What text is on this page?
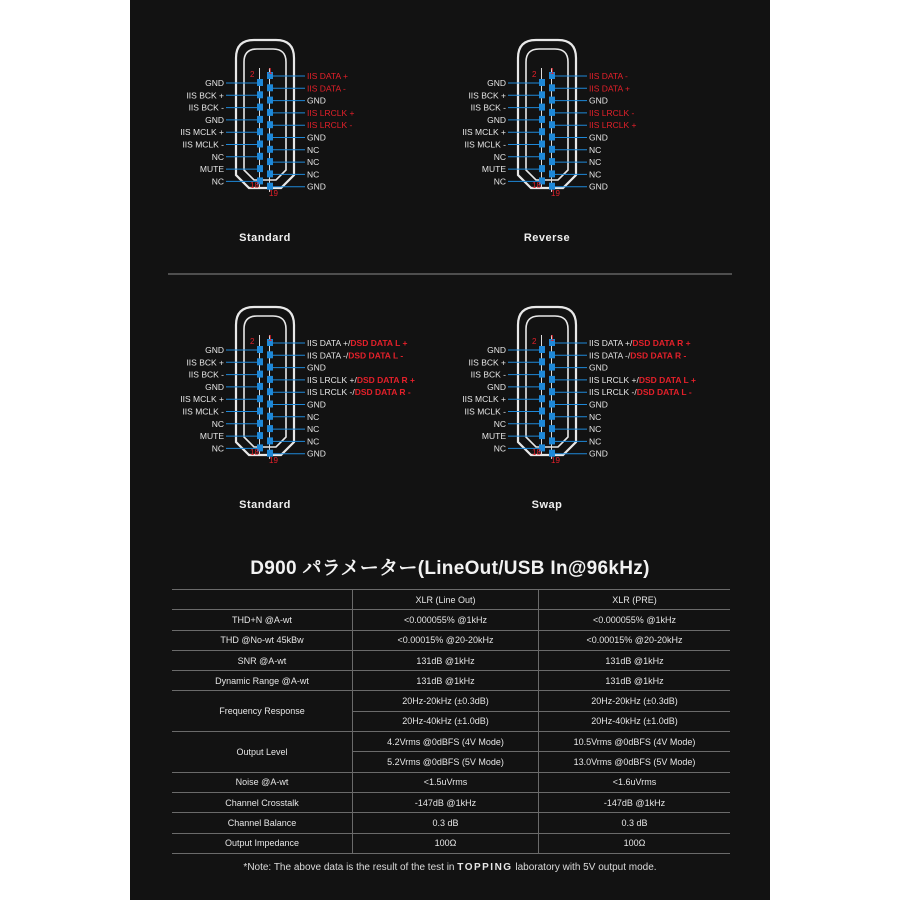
IIS DATA +
IIS DATA -
GND
IIS LRCLK +
IIS LRCLK -
GND
NC
NC
NC
GND
GND
IIS BCK +
IIS BCK -
GND
IIS MCLK +
IIS MCLK -
NC
MUTE
NC
2 1
18
19
Standard
IIS DATA -
IIS DATA +
GND
IIS LRCLK -
IIS LRCLK +
GND
NC
NC
NC
GND
GND
IIS BCK +
IIS BCK -
GND
IIS MCLK +
IIS MCLK -
NC
MUTE
NC
2 1
18
19
Reverse
IIS DATA +/DSD DATA L +
IIS DATA -/DSD DATA L -
GND
IIS LRCLK +/DSD DATA R +
IIS LRCLK -/DSD DATA R -
GND
NC
NC
NC
GND
GND
IIS BCK +
IIS BCK -
GND
IIS MCLK +
IIS MCLK -
NC
MUTE
NC
2 1
18
19
Standard
IIS DATA +/DSD DATA R +
IIS DATA -/DSD DATA R -
GND
IIS LRCLK +/DSD DATA L +
IIS LRCLK -/DSD DATA L -
GND
NC
NC
NC
GND
GND
IIS BCK +
IIS BCK -
GND
IIS MCLK +
IIS MCLK -
NC
MUTE
NC
2 1
18
19
Swap
D900 パラメーター(LineOut/USB In@96kHz)
	XLR (Line Out)	XLR (PRE)
THD+N @A-wt	<0.000055% @1kHz	<0.000055% @1kHz
THD @No-wt 45kBw	<0.00015% @20-20kHz	<0.00015% @20-20kHz
SNR @A-wt	131dB @1kHz	131dB @1kHz
Dynamic Range @A-wt	131dB @1kHz	131dB @1kHz
Frequency Response	20Hz-20kHz (±0.3dB)	20Hz-20kHz (±0.3dB)
	20Hz-40kHz (±1.0dB)	20Hz-40kHz (±1.0dB)
Output Level	4.2Vrms @0dBFS (4V Mode)	10.5Vrms @0dBFS (4V Mode)
	5.2Vrms @0dBFS (5V Mode)	13.0Vrms @0dBFS (5V Mode)
Noise @A-wt	<1.5uVrms	<1.6uVrms
Channel Crosstalk	-147dB @1kHz	-147dB @1kHz
Channel Balance	0.3 dB	0.3 dB
Output Impedance	100Ω	100Ω
*Note: The above data is the result of the test in TOPPING laboratory with 5V output mode.
